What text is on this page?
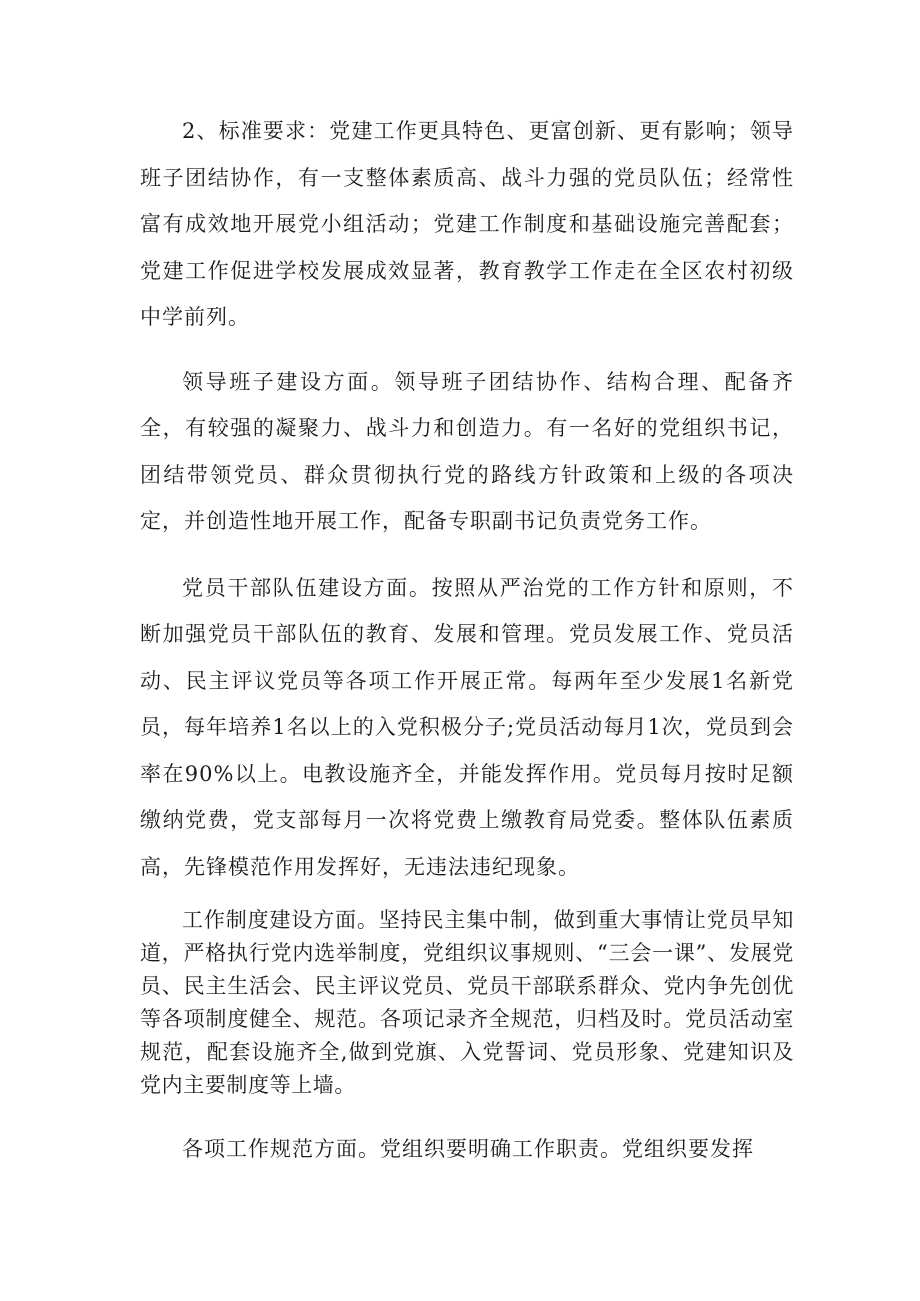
2、标准要求：党建工作更具特色、更富创新、更有影响；领导班子团结协作，有一支整体素质高、战斗力强的党员队伍；经常性富有成效地开展党小组活动；党建工作制度和基础设施完善配套；党建工作促进学校发展成效显著，教育教学工作走在全区农村初级中学前列。

领导班子建设方面。领导班子团结协作、结构合理、配备齐全，有较强的凝聚力、战斗力和创造力。有一名好的党组织书记，团结带领党员、群众贯彻执行党的路线方针政策和上级的各项决定，并创造性地开展工作，配备专职副书记负责党务工作。

党员干部队伍建设方面。按照从严治党的工作方针和原则，不断加强党员干部队伍的教育、发展和管理。党员发展工作、党员活动、民主评议党员等各项工作开展正常。每两年至少发展1名新党员，每年培养1名以上的入党积极分子;党员活动每月1次，党员到会率在90%以上。电教设施齐全，并能发挥作用。党员每月按时足额缴纳党费，党支部每月一次将党费上缴教育局党委。整体队伍素质高，先锋模范作用发挥好，无违法违纪现象。

工作制度建设方面。坚持民主集中制，做到重大事情让党员早知道，严格执行党内选举制度，党组织议事规则、“三会一课”、发展党员、民主生活会、民主评议党员、党员干部联系群众、党内争先创优等各项制度健全、规范。各项记录齐全规范，归档及时。党员活动室规范，配套设施齐全,做到党旗、入党誓词、党员形象、党建知识及党内主要制度等上墙。

各项工作规范方面。党组织要明确工作职责。党组织要发挥
